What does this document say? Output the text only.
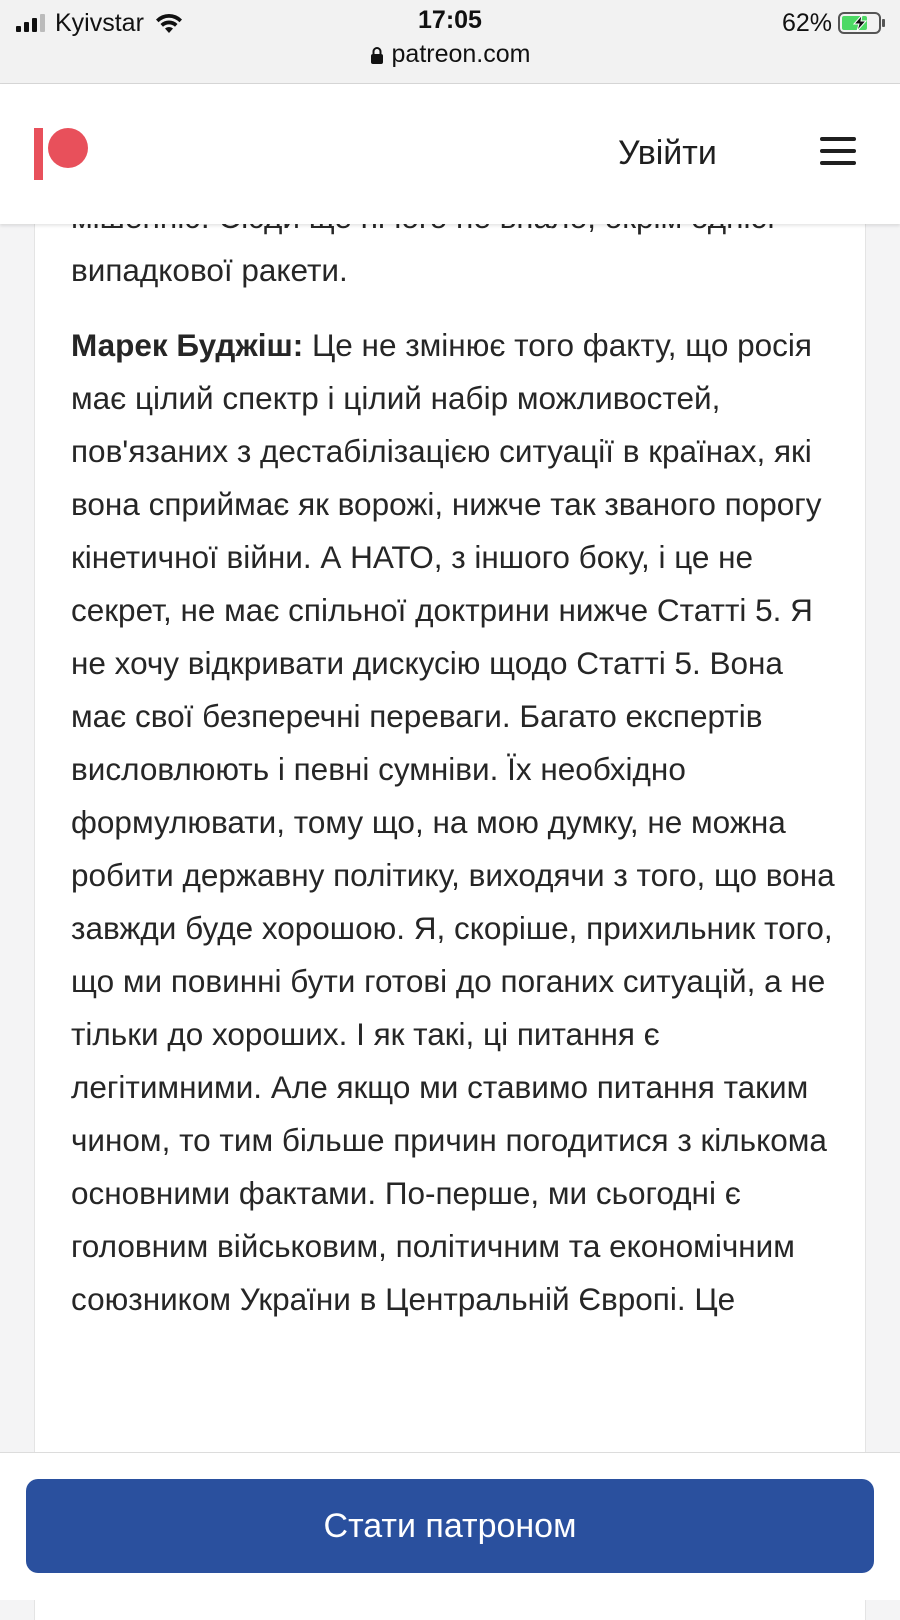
Kyivstar	17:05	62%
patreon.com
Увійти

випадкової ракети.

Марек Буджіш: Це не змінює того факту, що росія має цілий спектр і цілий набір можливостей, пов'язаних з дестабілізацією ситуації в країнах, які вона сприймає як ворожі, нижче так званого порогу кінетичної війни. А НАТО, з іншого боку, і це не секрет, не має спільної доктрини нижче Статті 5. Я не хочу відкривати дискусію щодо Статті 5. Вона має свої безперечні переваги. Багато експертів висловлюють і певні сумніви. Їх необхідно формулювати, тому що, на мою думку, не можна робити державну політику, виходячи з того, що вона завжди буде хорошою. Я, скоріше, прихильник того, що ми повинні бути готові до поганих ситуацій, а не тільки до хороших. І як такі, ці питання є легітимними. Але якщо ми ставимо питання таким чином, то тим більше причин погодитися з кількома основними фактами. По-перше, ми сьогодні є головним військовим, політичним та економічним союзником України в Центральній Європі. Це

Стати патроном
